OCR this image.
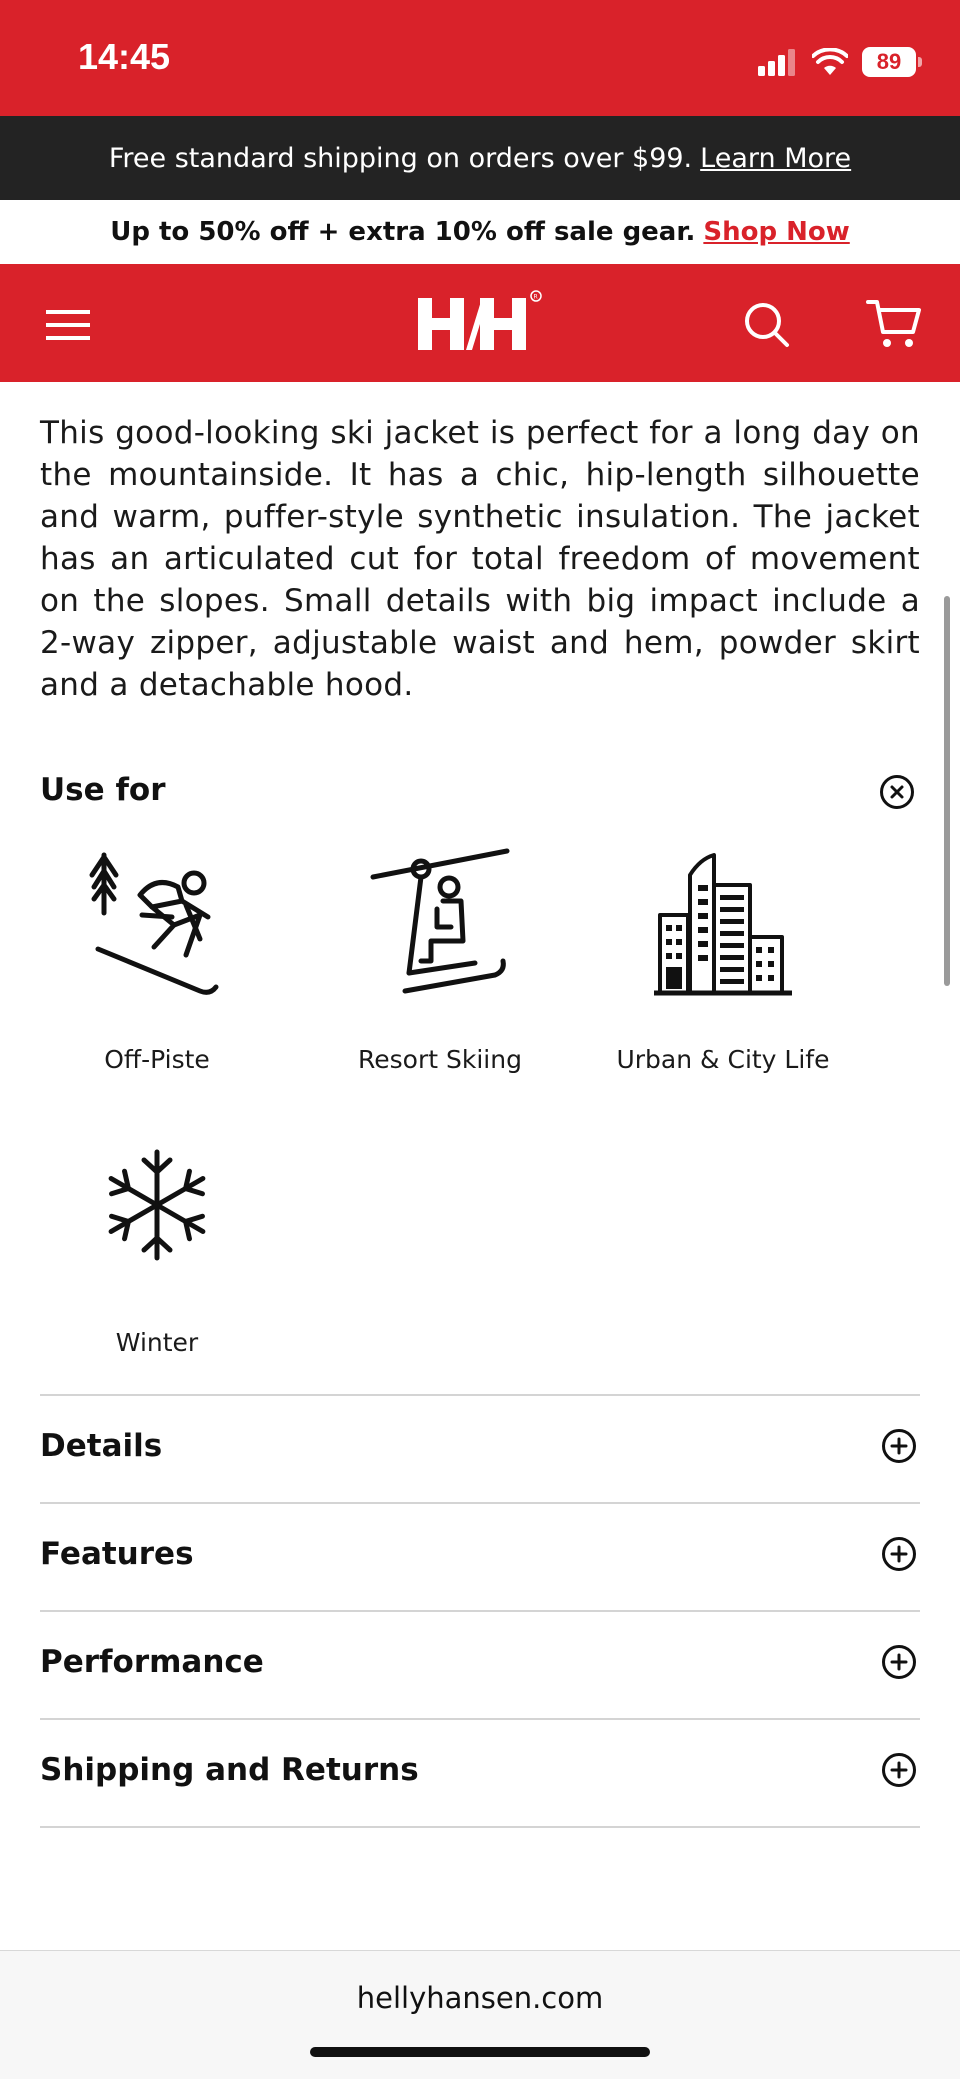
14:45	89
Free standard shipping on orders over $99. Learn More
Up to 50% off + extra 10% off sale gear. Shop Now
R

This good-looking ski jacket is perfect for a long day on the mountainside. It has a chic, hip-length silhouette and warm, puffer-style synthetic insulation. The jacket has an articulated cut for total freedom of movement on the slopes. Small details with big impact include a 2-way zipper, adjustable waist and hem, powder skirt and a detachable hood.

Use for
Off-Piste	Resort Skiing	Urban & City Life
Winter
Details
Features
Performance
Shipping and Returns
hellyhansen.com
